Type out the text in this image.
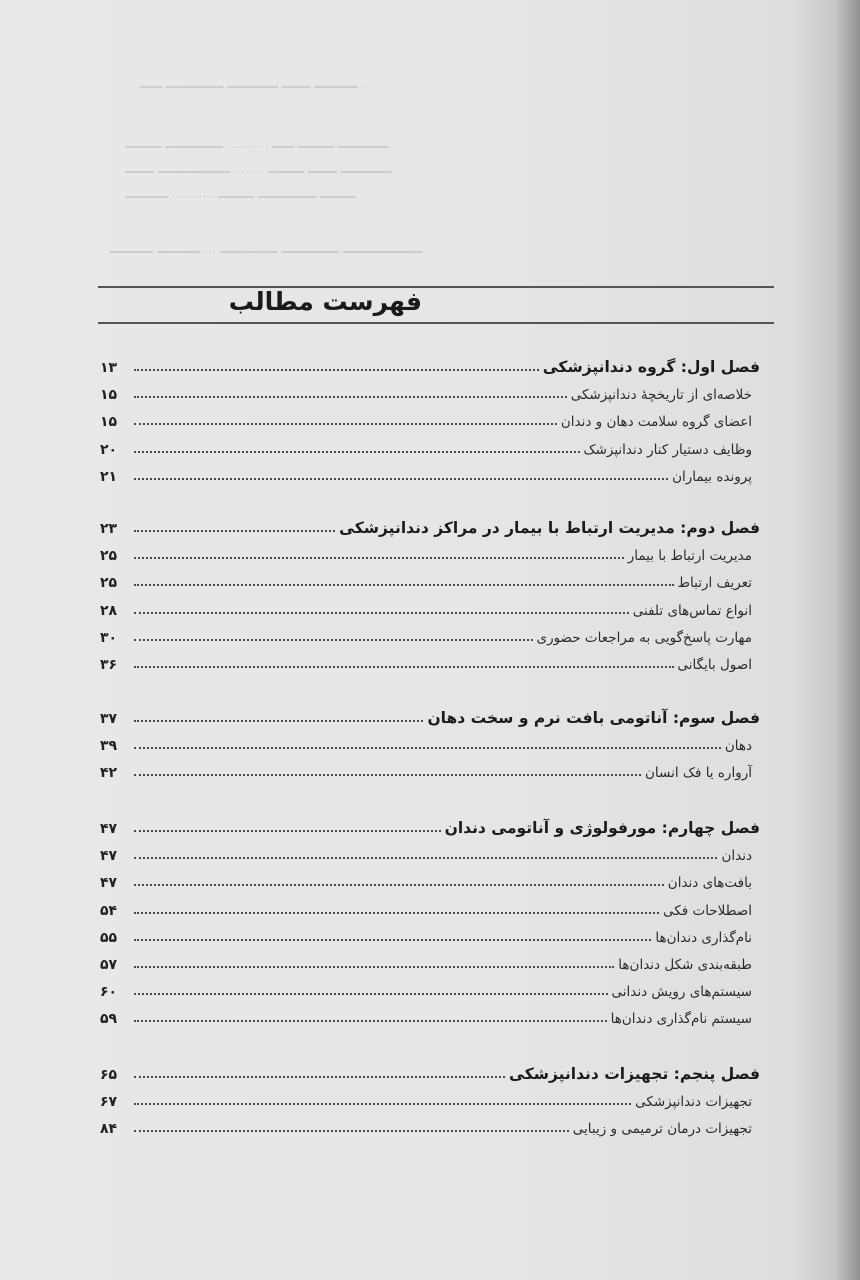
· ━━━━━━ ━━━━ ━━━━━━━ ━━━━━━━━ ━━━
━━━━━━━ ━━━━━ ━━━ ··········· ━━━━━━━━ ━━━━━
━━━━━━━ ━━━━ ━━━━━ ········ ━━━━━━━━━━ ━━━━
━━━━━ ━━━━━━━━ ━━━━━ ··········· ━━━━━━
━━━━━━━━━━━ ━━━━━━━━ ━━━━━━━━ ··· ━━━━━━ ━━━━━━
فهرست مطالب
فصل اول: گروه دندانپزشکی
۱۳
خلاصه‌ای از تاریخچهٔ دندانپزشکی
۱۵
اعضای گروه سلامت دهان و دندان
۱۵
وظایف دستیار کنار دندانپزشک
۲۰
پرونده بیماران
۲۱
فصل دوم: مدیریت ارتباط با بیمار در مراکز دندانپزشکی
۲۳
مدیریت ارتباط با بیمار
۲۵
تعریف ارتباط
۲۵
انواع تماس‌های تلفنی
۲۸
مهارت پاسخ‌گویی به مراجعات حضوری
۳۰
اصول بایگانی
۳۶
فصل سوم: آناتومی بافت نرم و سخت دهان
۳۷
دهان
۳۹
آرواره یا فک انسان
۴۲
فصل چهارم: مورفولوژی و آناتومی دندان
۴۷
دندان
۴۷
بافت‌های دندان
۴۷
اصطلاحات فکی
۵۴
نام‌گذاری دندان‌ها
۵۵
طبقه‌بندی شکل دندان‌ها
۵۷
سیستم‌های رویش دندانی
۶۰
سیستم نام‌گذاری دندان‌ها
۵۹
فصل پنجم: تجهیزات دندانپزشکی
۶۵
تجهیزات دندانپزشکی
۶۷
تجهیزات درمان ترمیمی و زیبایی
۸۴
